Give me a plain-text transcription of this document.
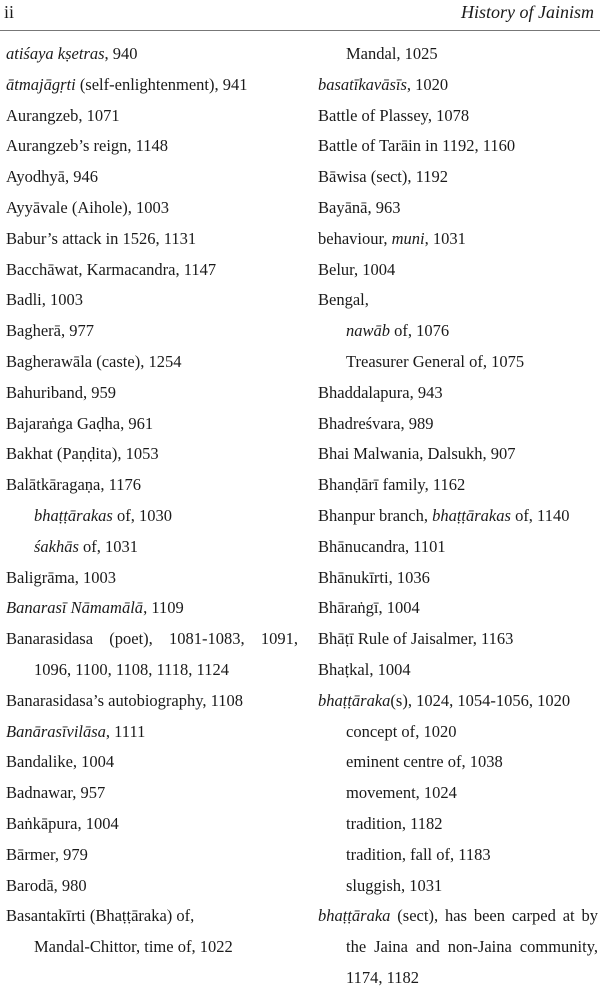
ii	History of Jainism
atiśaya kṣetras, 940
ātmajāgṛti (self-enlightenment), 941
Aurangzeb, 1071
Aurangzeb’s reign, 1148
Ayodhyā, 946
Ayyāvale (Aihole), 1003
Babur’s attack in 1526, 1131
Bacchāwat, Karmacandra, 1147
Badli, 1003
Bagherā, 977
Bagherawāla (caste), 1254
Bahuriband, 959
Bajaraṅga Gaḍha, 961
Bakhat (Paṇḍita), 1053
Balātkāragaṇa, 1176
bhaṭṭārakas of, 1030
śakhās of, 1031
Baligrāma, 1003
Banarasī Nāmamālā, 1109
Banarasidasa (poet), 1081-1083, 1091, 1096, 1100, 1108, 1118, 1124
Banarasidasa’s autobiography, 1108
Banārasīvilāsa, 1111
Bandalike, 1004
Badnawar, 957
Baṅkāpura, 1004
Bārmer, 979
Barodā, 980
Basantakīrti (Bhaṭṭāraka) of,
Mandal-Chittor, time of, 1022
Mandal, 1025
basatīkavāsīs, 1020
Battle of Plassey, 1078
Battle of Tarāin in 1192, 1160
Bāwisa (sect), 1192
Bayānā, 963
behaviour, muni, 1031
Belur, 1004
Bengal,
nawāb of, 1076
Treasurer General of, 1075
Bhaddalapura, 943
Bhadreśvara, 989
Bhai Malwania, Dalsukh, 907
Bhanḍārī family, 1162
Bhanpur branch, bhaṭṭārakas of, 1140
Bhānucandra, 1101
Bhānukīrti, 1036
Bhāraṅgī, 1004
Bhāṭī Rule of Jaisalmer, 1163
Bhaṭkal, 1004
bhaṭṭāraka(s), 1024, 1054-1056, 1020
concept of, 1020
eminent centre of, 1038
movement, 1024
tradition, 1182
tradition, fall of, 1183
sluggish, 1031
bhaṭṭāraka (sect), has been carped at by the Jaina and non-Jaina community, 1174, 1182
